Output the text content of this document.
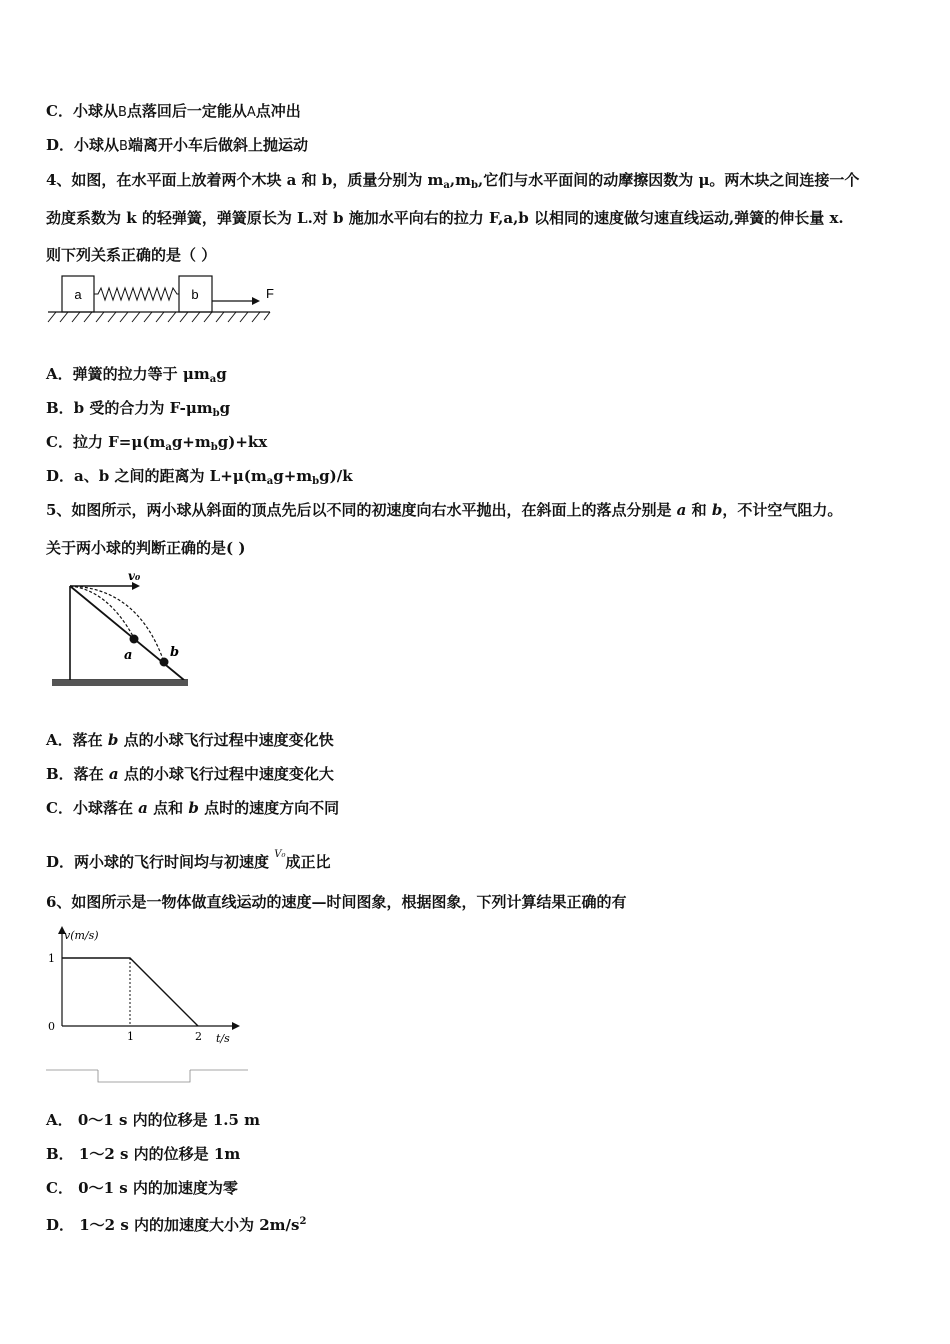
C．小球从B点落回后一定能从A点冲出
D．小球从B端离开小车后做斜上抛运动
4、如图，在水平面上放着两个木块 a 和 b，质量分别为 $m_a,m_b$,它们与水平面间的动摩擦因数为 μ。两木块之间连接一个
劲度系数为 k 的轻弹簧，弹簧原长为 L.对 b 施加水平向右的拉力 F,a,b 以相同的速度做匀速直线运动,弹簧的伸长量 x.
则下列关系正确的是（ ）
a	b	F
A．弹簧的拉力等于 $\mu m_ag$
B．b 受的合力为 $F-\mu m_bg$
C．拉力 $F=\mu(m_ag+m_bg)+kx$
D．a、b 之间的距离为 $L+\mu(m_ag+m_bg)/k$
5、如图所示，两小球从斜面的顶点先后以不同的初速度向右水平抛出，在斜面上的落点分别是 a 和 b，不计空气阻力。
关于两小球的判断正确的是( )
v₀
a	b
A．落在 b 点的小球飞行过程中速度变化快
B．落在 a 点的小球飞行过程中速度变化大
C．小球落在 a 点和 b 点时的速度方向不同
D．两小球的飞行时间均与初速度 $^{V_0}$成正比
6、如图所示是一物体做直线运动的速度—时间图象，根据图象，下列计算结果正确的有
v(m/s)
t/s
0
1
1	2
A． 0～1 s 内的位移是 1.5 m
B． 1～2 s 内的位移是 1m
C． 0～1 s 内的加速度为零
D． 1～2 s 内的加速度大小为 $2m/s^2$
